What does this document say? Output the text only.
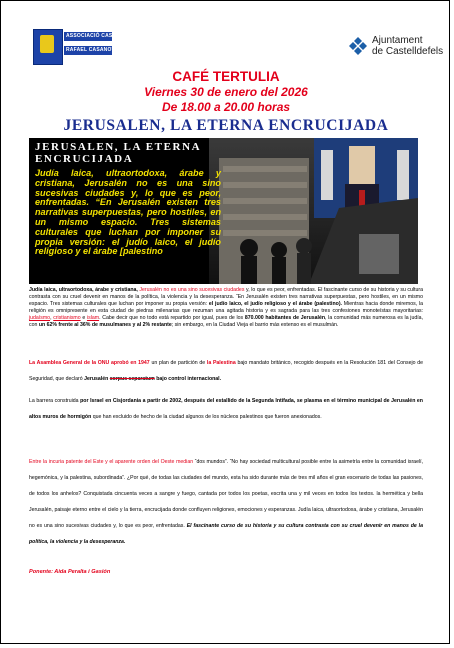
ASSOCIACIÓ CASAL
RAFAEL CASANOVA
Ajuntament
de Castelldefels
CAFÉ TERTULIA
Viernes 30 de enero del 2026
De 18.00 a 20.00 horas
JERUSALEN, LA ETERNA ENCRUCIJADA
JERUSALEN, LA ETERNA ENCRUCIJADA
Judía laica, ultraortodoxa, árabe y cristiana, Jerusalén no es una sino sucesivas ciudades y, lo que es peor, enfrentadas. “En Jerusalén existen tres narrativas superpuestas, pero hostiles, en un mismo espacio. Tres sistemas culturales que luchan por imponer su propia versión: el judío laico, el judío religioso y el árabe [palestino
Judía laica, ultraortodoxa, árabe y cristiana, Jerusalén no es una sino sucesivas ciudades y, lo que es peor, enfrentadas. El fascinante curso de su historia y su cultura contrasta con su cruel devenir en manos de la política, la violencia y la desesperanza. “En Jerusalén existen tres narrativas superpuestas, pero hostiles, en un mismo espacio. Tres sistemas culturales que luchan por imponer su propia versión: el judío laico, el judío religioso y el árabe (palestino). Mientras hacia donde miremos, la religión es omnipresente en esta ciudad de piedras milenarias que rezuman una agitada historia y es sagrada para las tres confesiones monoteístas mayoritarias: judaísmo, cristianismo e islam. Cabe decir que no todo está repartido por igual, pues de los 870.000 habitantes de Jerusalén, la comunidad más numerosa es la judía, con un 62% frente al 36% de musulmanes y al 2% restante; sin embargo, en la Ciudad Vieja el barrio más extenso es el musulmán.
La Asamblea General de la ONU aprobó en 1947 un plan de partición de la Palestina bajo mandato británico, recogido después en la Resolución 181 del Consejo de Seguridad, que declaró Jerusalén corpus separatum bajo control internacional.
La barrera construida por Israel en Cisjordania a partir de 2002, después del estallido de la Segunda Intifada, se plasma en el término municipal de Jerusalén en altos muros de hormigón que han excluido de hecho de la ciudad algunos de los núcleos palestinos que fueron anexionados.
Entre la incuria patente del Este y el aparente orden del Oeste median “dos mundos”. “No hay sociedad multicultural posible entre la asimetría entre la comunidad israelí, hegemónica, y la palestina, subordinada”. ¿Por qué, de todas las ciudades del mundo, esta ha sido durante más de tres mil años el gran escenario de todas las pasiones, de todos los anhelos? Conquistada cincuenta veces a sangre y fuego, cantada por todos los poetas, escrita una y mil veces en todos los textos. la hermética y bella Jerusalén, paisaje eterno entre el cielo y la tierra, encrucijada donde confluyen religiones, emociones y esperanzas. Judía laica, ultraortodoxa, árabe y cristiana, Jerusalén no es una sino sucesivas ciudades y, lo que es peor, enfrentadas. El fascinante curso de su historia y su cultura contrasta con su cruel devenir en manos de la política, la violencia y la desesperanza.
Ponente: Aida Peralta i Gasión
